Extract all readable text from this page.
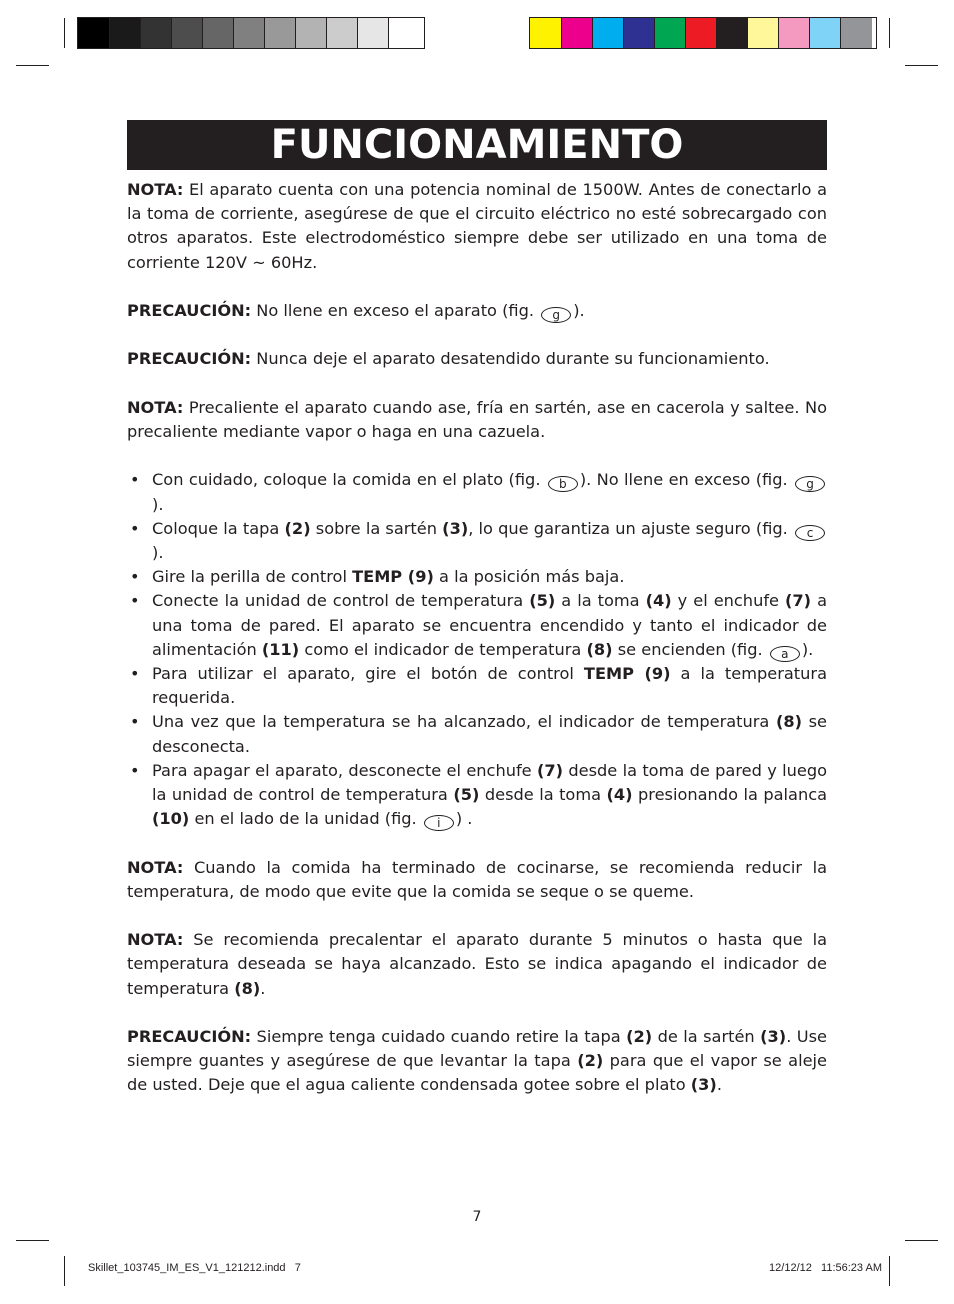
FUNCIONAMIENTO

NOTA: El aparato cuenta con una potencia nominal de 1500W. Antes de conectarlo a la toma de corriente, asegúrese de que el circuito eléctrico no esté sobrecargado con otros aparatos. Este electrodoméstico siempre debe ser utilizado en una toma de corriente 120V ~ 60Hz.

PRECAUCIÓN: No llene en exceso el aparato (fig. g ).

PRECAUCIÓN: Nunca deje el aparato desatendido durante su funcionamiento.

NOTA: Precaliente el aparato cuando ase, fría en sartén, ase en cacerola y saltee. No precaliente mediante vapor o haga en una cazuela.

• Con cuidado, coloque la comida en el plato (fig. b ). No llene en exceso (fig. g).
• Coloque la tapa (2) sobre la sartén (3), lo que garantiza un ajuste seguro (fig. c).
• Gire la perilla de control TEMP (9) a la posición más baja.
• Conecte la unidad de control de temperatura (5) a la toma (4) y el enchufe (7) a una toma de pared. El aparato se encuentra encendido y tanto el indicador de alimentación (11) como el indicador de temperatura (8) se encienden (fig. a ).
• Para utilizar el aparato, gire el botón de control TEMP (9) a la temperatura requerida.
• Una vez que la temperatura se ha alcanzado, el indicador de temperatura (8) se desconecta.
• Para apagar el aparato, desconecte el enchufe (7) desde la toma de pared y luego la unidad de control de temperatura (5) desde la toma (4) presionando la palanca (10) en el lado de la unidad (fig. i ) .

NOTA: Cuando la comida ha terminado de cocinarse, se recomienda reducir la temperatura, de modo que evite que la comida se seque o se queme.

NOTA: Se recomienda precalentar el aparato durante 5 minutos o hasta que la temperatura deseada se haya alcanzado. Esto se indica apagando el indicador de temperatura (8).

PRECAUCIÓN: Siempre tenga cuidado cuando retire la tapa (2) de la sartén (3). Use siempre guantes y asegúrese de que levantar la tapa (2) para que el vapor se aleje de usted. Deje que el agua caliente condensada gotee sobre el plato (3).

7
Skillet_103745_IM_ES_V1_121212.indd   7	12/12/12   11:56:23 AM
